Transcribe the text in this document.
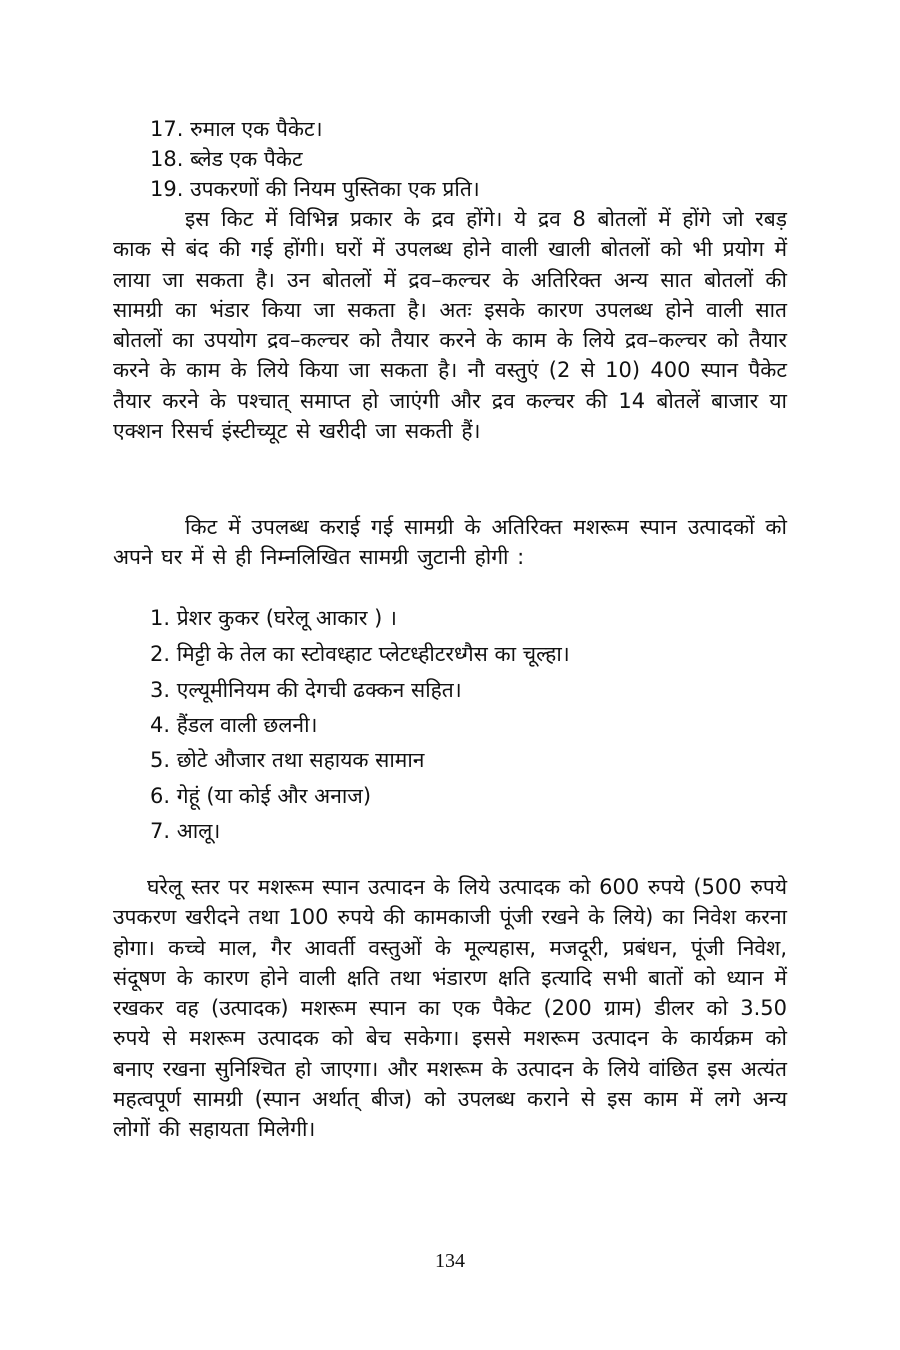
17. रुमाल एक पैकेट।
18. ब्लेड एक पैकेट
19. उपकरणों की नियम पुस्तिका एक प्रति।

इस किट में विभिन्न प्रकार के द्रव होंगे। ये द्रव 8 बोतलों में होंगे जो रबड़ काक से बंद की गई होंगी। घरों में उपलब्ध होने वाली खाली बोतलों को भी प्रयोग में लाया जा सकता है। उन बोतलों में द्रव–कल्चर के अतिरिक्त अन्य सात बोतलों की सामग्री का भंडार किया जा सकता है। अतः इसके कारण उपलब्ध होने वाली सात बोतलों का उपयोग द्रव–कल्चर को तैयार करने के काम के लिये द्रव–कल्चर को तैयार करने के काम के लिये किया जा सकता है। नौ वस्तुएं (2 से 10) 400 स्पान पैकेट तैयार करने के पश्चात् समाप्त हो जाएंगी और द्रव कल्चर की 14 बोतलें बाजार या एक्शन रिसर्च इंस्टीच्यूट से खरीदी जा सकती हैं।

किट में उपलब्ध कराई गई सामग्री के अतिरिक्त मशरूम स्पान उत्पादकों को अपने घर में से ही निम्नलिखित सामग्री जुटानी होगी :

1. प्रेशर कुकर (घरेलू आकार ) ।
2. मिट्टी के तेल का स्टोवध्हाट प्लेटध्हीटरध्गैस का चूल्हा।
3. एल्यूमीनियम की देगची ढक्कन सहित।
4. हैंडल वाली छलनी।
5. छोटे औजार तथा सहायक सामान
6. गेहूं (या कोई और अनाज)
7. आलू।

घरेलू स्तर पर मशरूम स्पान उत्पादन के लिये उत्पादक को 600 रुपये (500 रुपये उपकरण खरीदने तथा 100 रुपये की कामकाजी पूंजी रखने के लिये) का निवेश करना होगा। कच्चे माल, गैर आवर्ती वस्तुओं के मूल्यहास, मजदूरी, प्रबंधन, पूंजी निवेश, संदूषण के कारण होने वाली क्षति तथा भंडारण क्षति इत्यादि सभी बातों को ध्यान में रखकर वह (उत्पादक) मशरूम स्पान का एक पैकेट (200 ग्राम) डीलर को 3.50 रुपये से मशरूम उत्पादक को बेच सकेगा। इससे मशरूम उत्पादन के कार्यक्रम को बनाए रखना सुनिश्चित हो जाएगा। और मशरूम के उत्पादन के लिये वांछित इस अत्यंत महत्वपूर्ण सामग्री (स्पान अर्थात् बीज) को उपलब्ध कराने से इस काम में लगे अन्य लोगों की सहायता मिलेगी।

134
